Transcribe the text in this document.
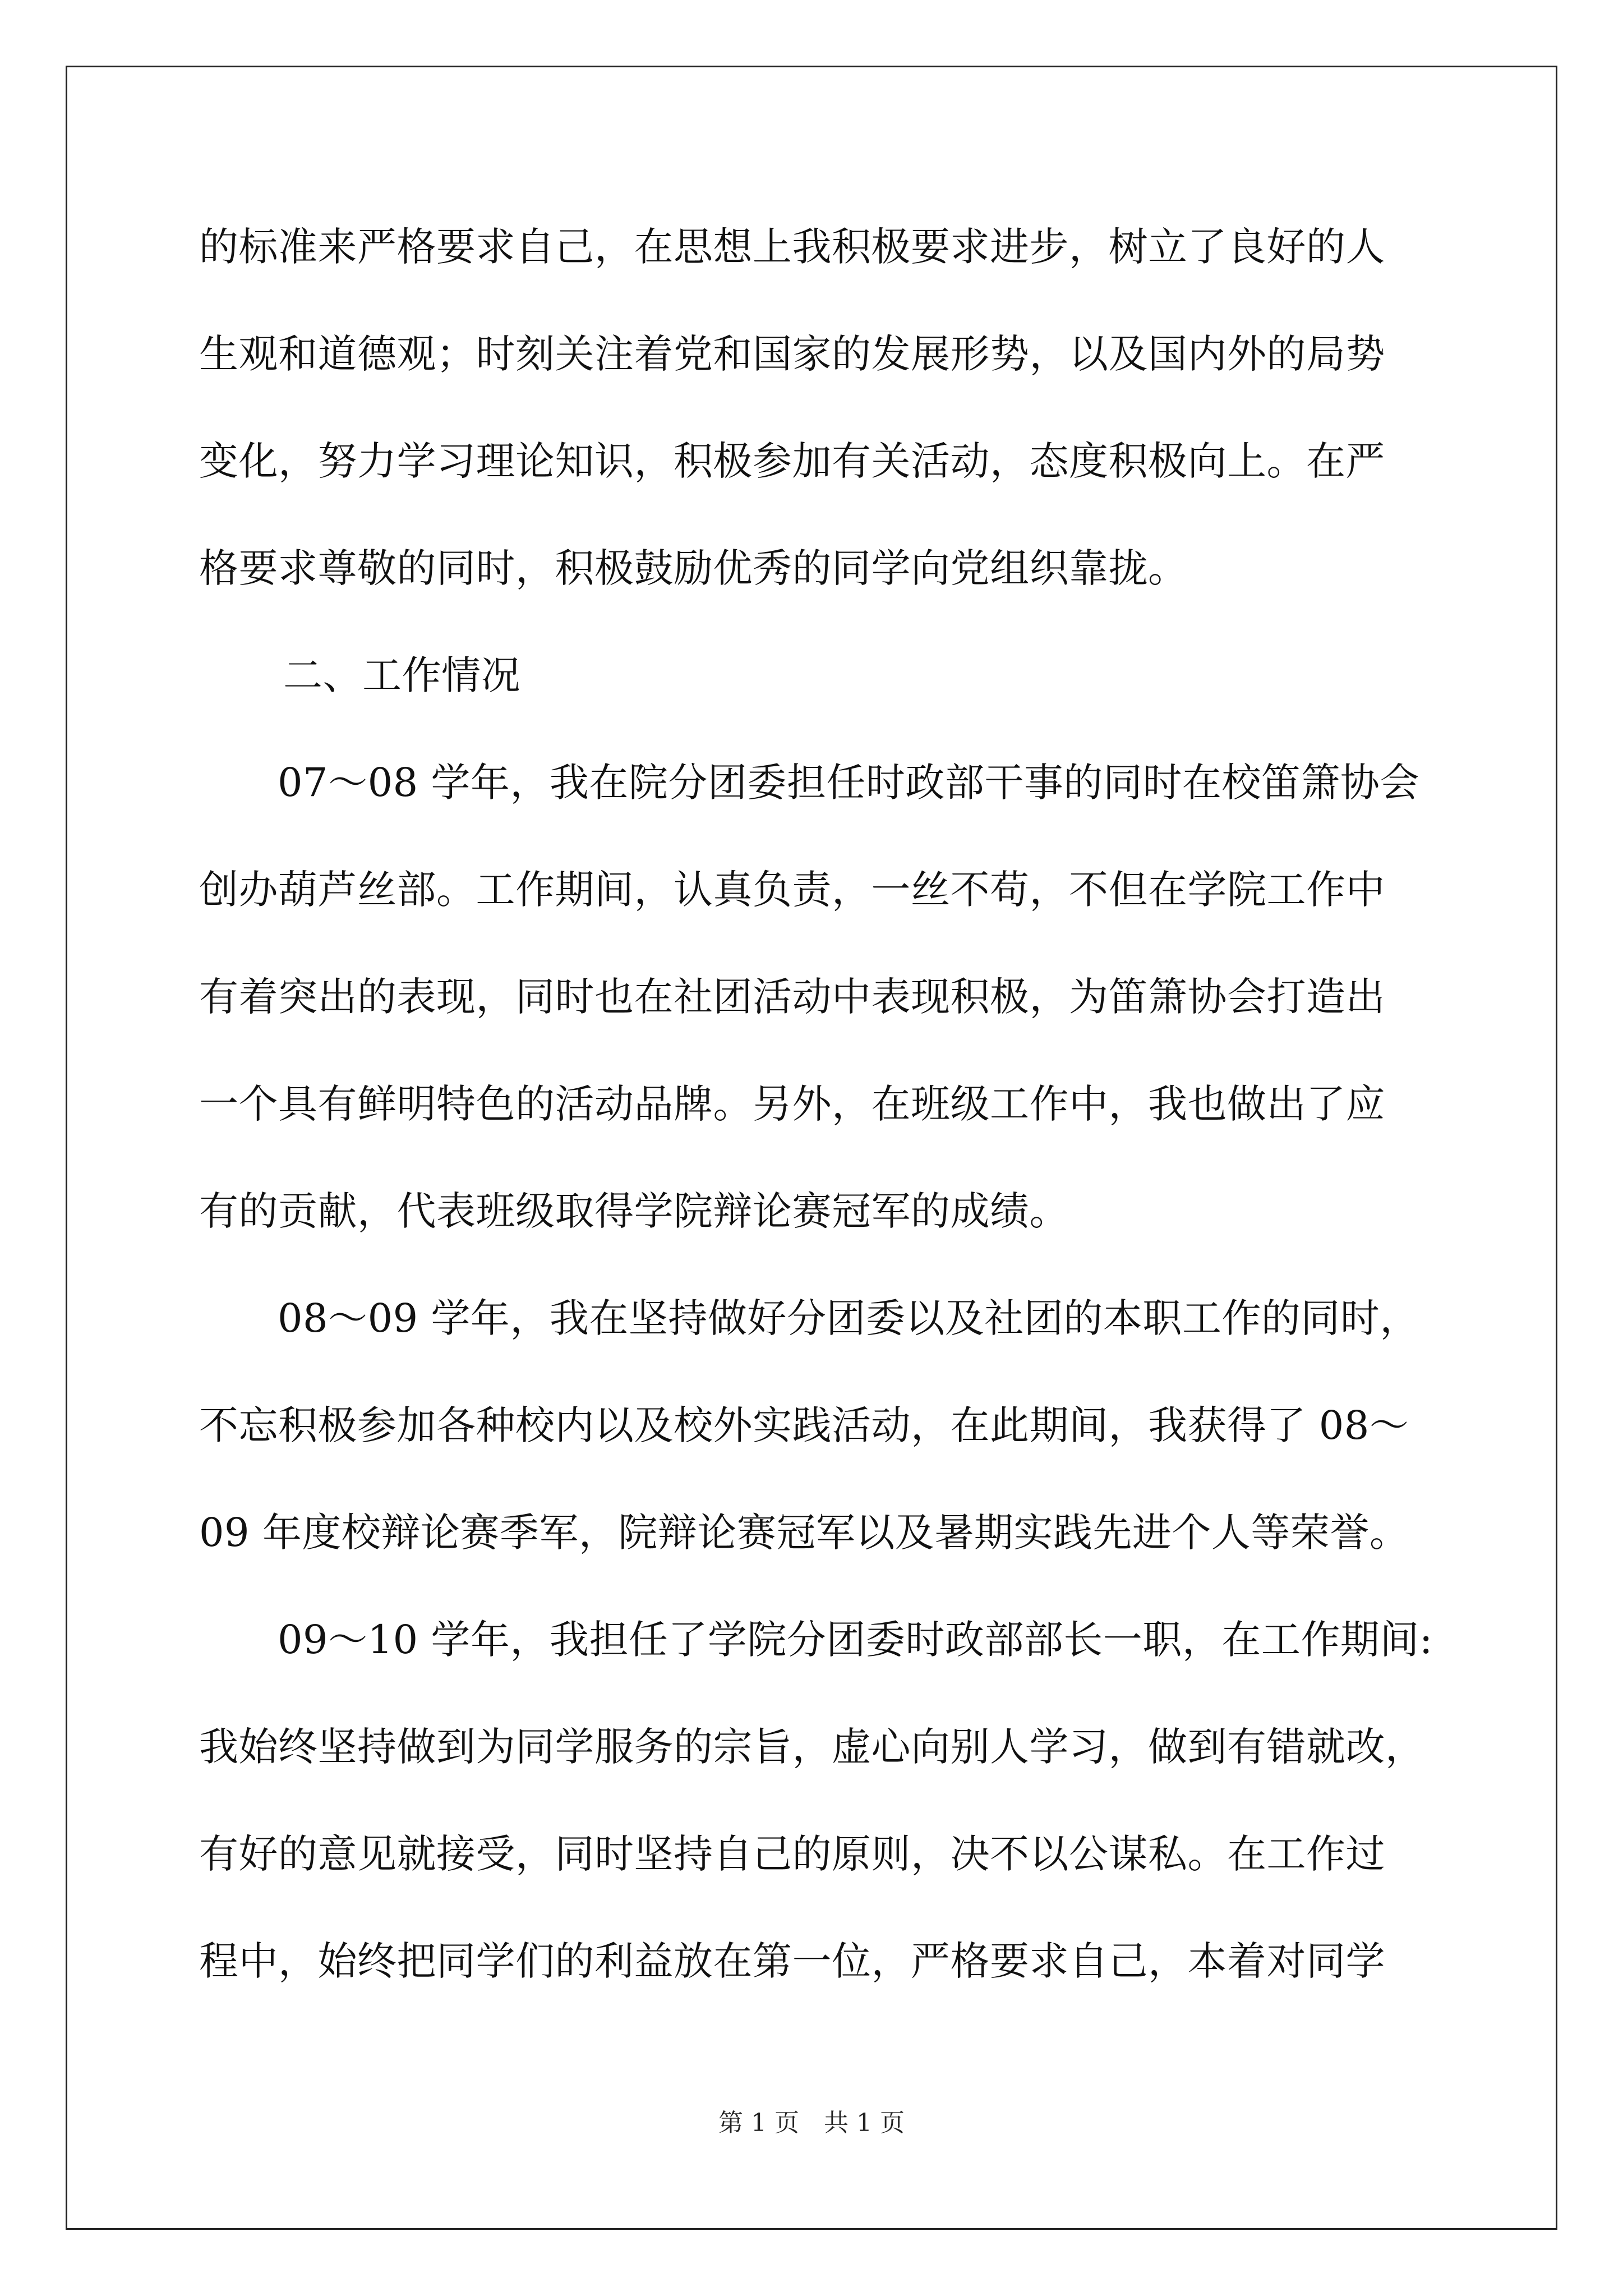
的标准来严格要求自己，在思想上我积极要求进步，树立了良好的人
生观和道德观；时刻关注着党和国家的发展形势，以及国内外的局势
变化，努力学习理论知识，积极参加有关活动，态度积极向上。在严
格要求尊敬的同时，积极鼓励优秀的同学向党组织靠拢。
二、工作情况
07～08 学年，我在院分团委担任时政部干事的同时在校笛箫协会
创办葫芦丝部。工作期间，认真负责，一丝不苟，不但在学院工作中
有着突出的表现，同时也在社团活动中表现积极，为笛箫协会打造出
一个具有鲜明特色的活动品牌。另外，在班级工作中，我也做出了应
有的贡献，代表班级取得学院辩论赛冠军的成绩。
08～09 学年，我在坚持做好分团委以及社团的本职工作的同时，
不忘积极参加各种校内以及校外实践活动，在此期间，我获得了 08～
09 年度校辩论赛季军，院辩论赛冠军以及暑期实践先进个人等荣誉。
09～10 学年，我担任了学院分团委时政部部长一职，在工作期间:
我始终坚持做到为同学服务的宗旨，虚心向别人学习，做到有错就改，
有好的意见就接受，同时坚持自己的原则，决不以公谋私。在工作过
程中，始终把同学们的利益放在第一位，严格要求自己，本着对同学
第 1 页　共 1 页
